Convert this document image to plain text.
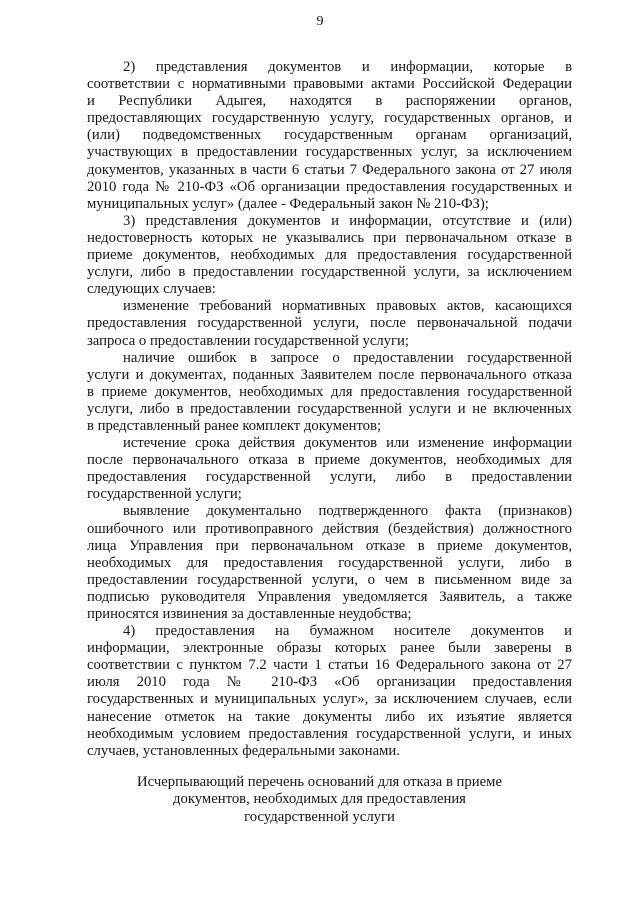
9
2) представления документов и информации, которые в
соответствии с нормативными правовыми актами Российской Федерации
и Республики Адыгея, находятся в распоряжении органов,
предоставляющих государственную услугу, государственных органов, и
(или) подведомственных государственным органам организаций,
участвующих в предоставлении государственных услуг, за исключением
документов, указанных в части 6 статьи 7 Федерального закона от 27 июля
2010 года № 210-ФЗ «Об организации предоставления государственных и
муниципальных услуг» (далее - Федеральный закон № 210-ФЗ);
3) представления документов и информации, отсутствие и (или)
недостоверность которых не указывались при первоначальном отказе в
приеме документов, необходимых для предоставления государственной
услуги, либо в предоставлении государственной услуги, за исключением
следующих случаев:
изменение требований нормативных правовых актов, касающихся
предоставления государственной услуги, после первоначальной подачи
запроса о предоставлении государственной услуги;
наличие ошибок в запросе о предоставлении государственной
услуги и документах, поданных Заявителем после первоначального отказа
в приеме документов, необходимых для предоставления государственной
услуги, либо в предоставлении государственной услуги и не включенных
в представленный ранее комплект документов;
истечение срока действия документов или изменение информации
после первоначального отказа в приеме документов, необходимых для
предоставления государственной услуги, либо в предоставлении
государственной услуги;
выявление документально подтвержденного факта (признаков)
ошибочного или противоправного действия (бездействия) должностного
лица Управления при первоначальном отказе в приеме документов,
необходимых для предоставления государственной услуги, либо в
предоставлении государственной услуги, о чем в письменном виде за
подписью руководителя Управления уведомляется Заявитель, а также
приносятся извинения за доставленные неудобства;
4) предоставления на бумажном носителе документов и
информации, электронные образы которых ранее были заверены в
соответствии с пунктом 7.2 части 1 статьи 16 Федерального закона от 27
июля 2010 года № 210-ФЗ «Об организации предоставления
государственных и муниципальных услуг», за исключением случаев, если
нанесение отметок на такие документы либо их изъятие является
необходимым условием предоставления государственной услуги, и иных
случаев, установленных федеральными законами.
Исчерпывающий перечень оснований для отказа в приеме
документов, необходимых для предоставления
государственной услуги
